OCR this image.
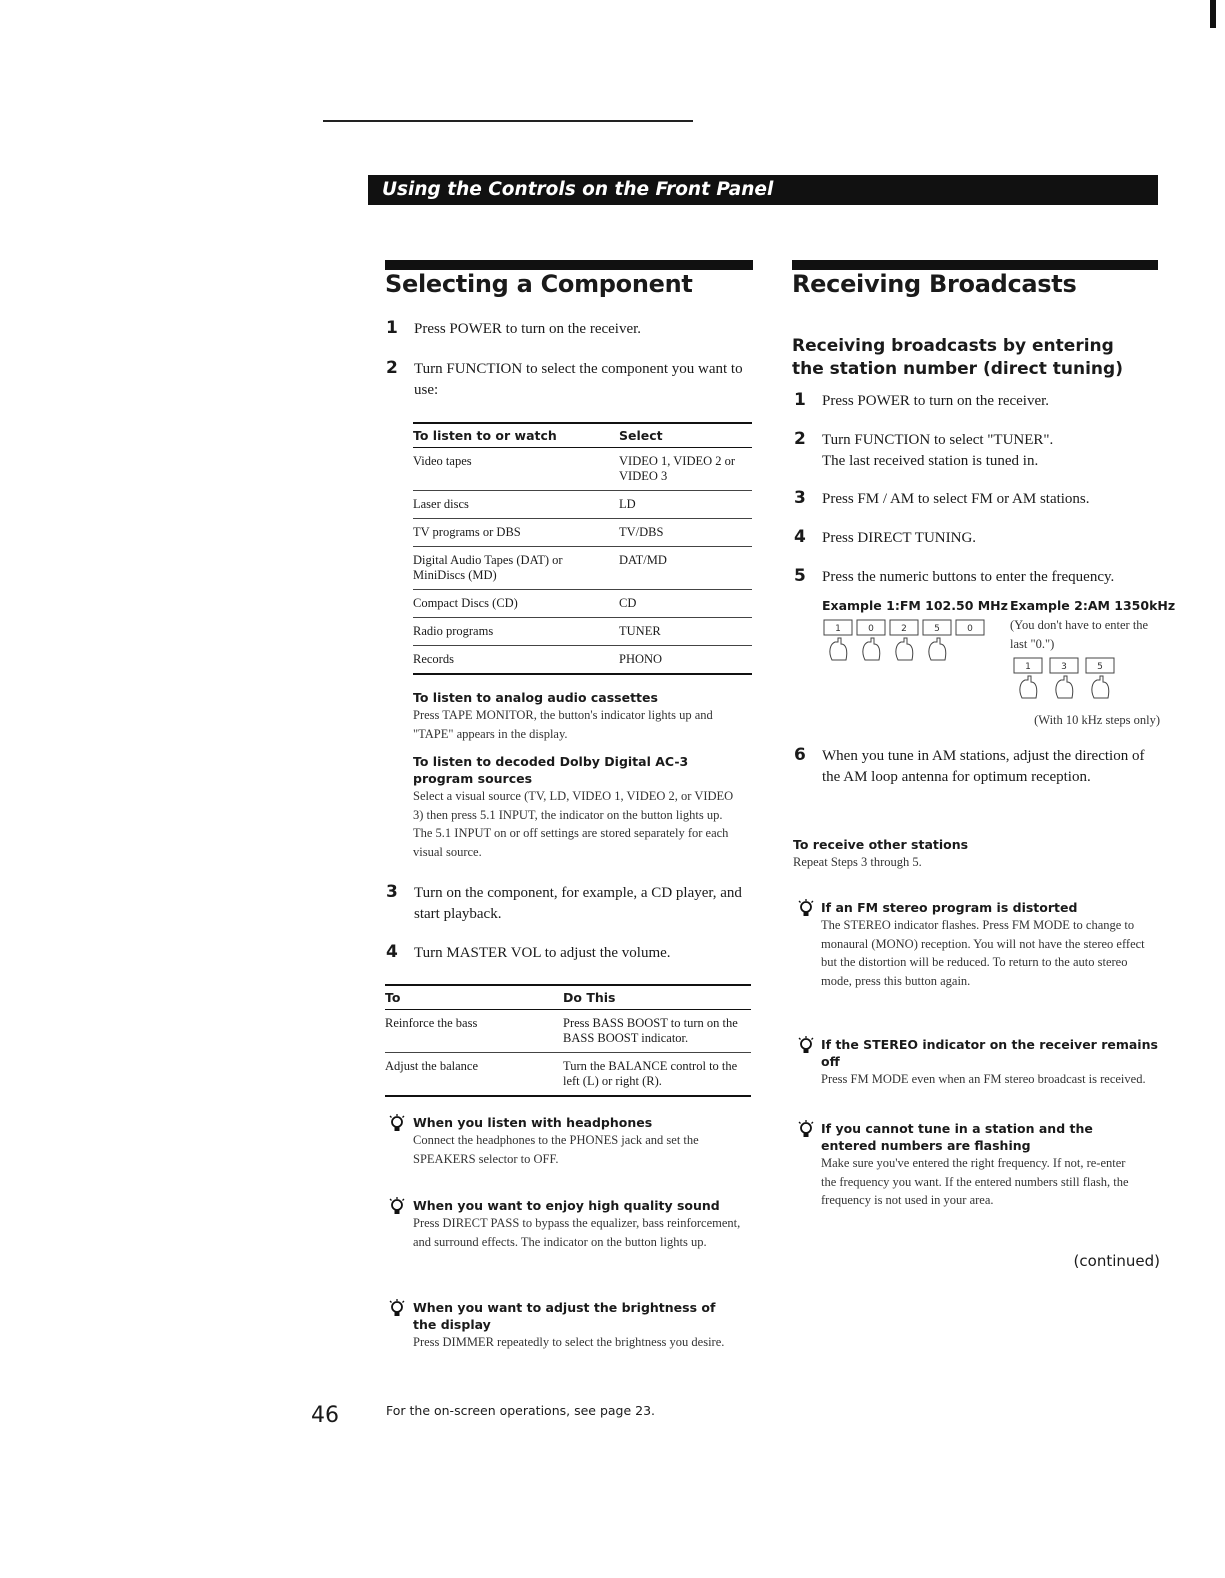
Using the Controls on the Front Panel
Selecting a Component
1 Press POWER to turn on the receiver.
2 Turn FUNCTION to select the component you want to use:
To listen to or watch	Select
Video tapes	VIDEO 1, VIDEO 2 or VIDEO 3
Laser discs	LD
TV programs or DBS	TV/DBS
Digital Audio Tapes (DAT) or MiniDiscs (MD)	DAT/MD
Compact Discs (CD)	CD
Radio programs	TUNER
Records	PHONO
To listen to analog audio cassettes
Press TAPE MONITOR, the button's indicator lights up and "TAPE" appears in the display.
To listen to decoded Dolby Digital AC-3 program sources
Select a visual source (TV, LD, VIDEO 1, VIDEO 2, or VIDEO 3) then press 5.1 INPUT, the indicator on the button lights up. The 5.1 INPUT on or off settings are stored separately for each visual source.
3 Turn on the component, for example, a CD player, and start playback.
4 Turn MASTER VOL to adjust the volume.
To	Do This
Reinforce the bass	Press BASS BOOST to turn on the BASS BOOST indicator.
Adjust the balance	Turn the BALANCE control to the left (L) or right (R).
When you listen with headphones
Connect the headphones to the PHONES jack and set the SPEAKERS selector to OFF.
When you want to enjoy high quality sound
Press DIRECT PASS to bypass the equalizer, bass reinforcement, and surround effects. The indicator on the button lights up.
When you want to adjust the brightness of the display
Press DIMMER repeatedly to select the brightness you desire.
Receiving Broadcasts
Receiving broadcasts by entering the station number (direct tuning)
1 Press POWER to turn on the receiver.
2 Turn FUNCTION to select "TUNER".
The last received station is tuned in.
3 Press FM / AM to select FM or AM stations.
4 Press DIRECT TUNING.
5 Press the numeric buttons to enter the frequency.
Example 1:FM 102.50 MHz
1	0	2	5	0
Example 2:AM 1350kHz
(You don't have to enter the last "0.")
1	3	5
(With 10 kHz steps only)
6 When you tune in AM stations, adjust the direction of the AM loop antenna for optimum reception.
To receive other stations
Repeat Steps 3 through 5.
If an FM stereo program is distorted
The STEREO indicator flashes. Press FM MODE to change to monaural (MONO) reception. You will not have the stereo effect but the distortion will be reduced. To return to the auto stereo mode, press this button again.
If the STEREO indicator on the receiver remains off
Press FM MODE even when an FM stereo broadcast is received.
If you cannot tune in a station and the entered numbers are flashing
Make sure you've entered the right frequency. If not, re-enter the frequency you want. If the entered numbers still flash, the frequency is not used in your area.
(continued)
46	For the on-screen operations, see page 23.
